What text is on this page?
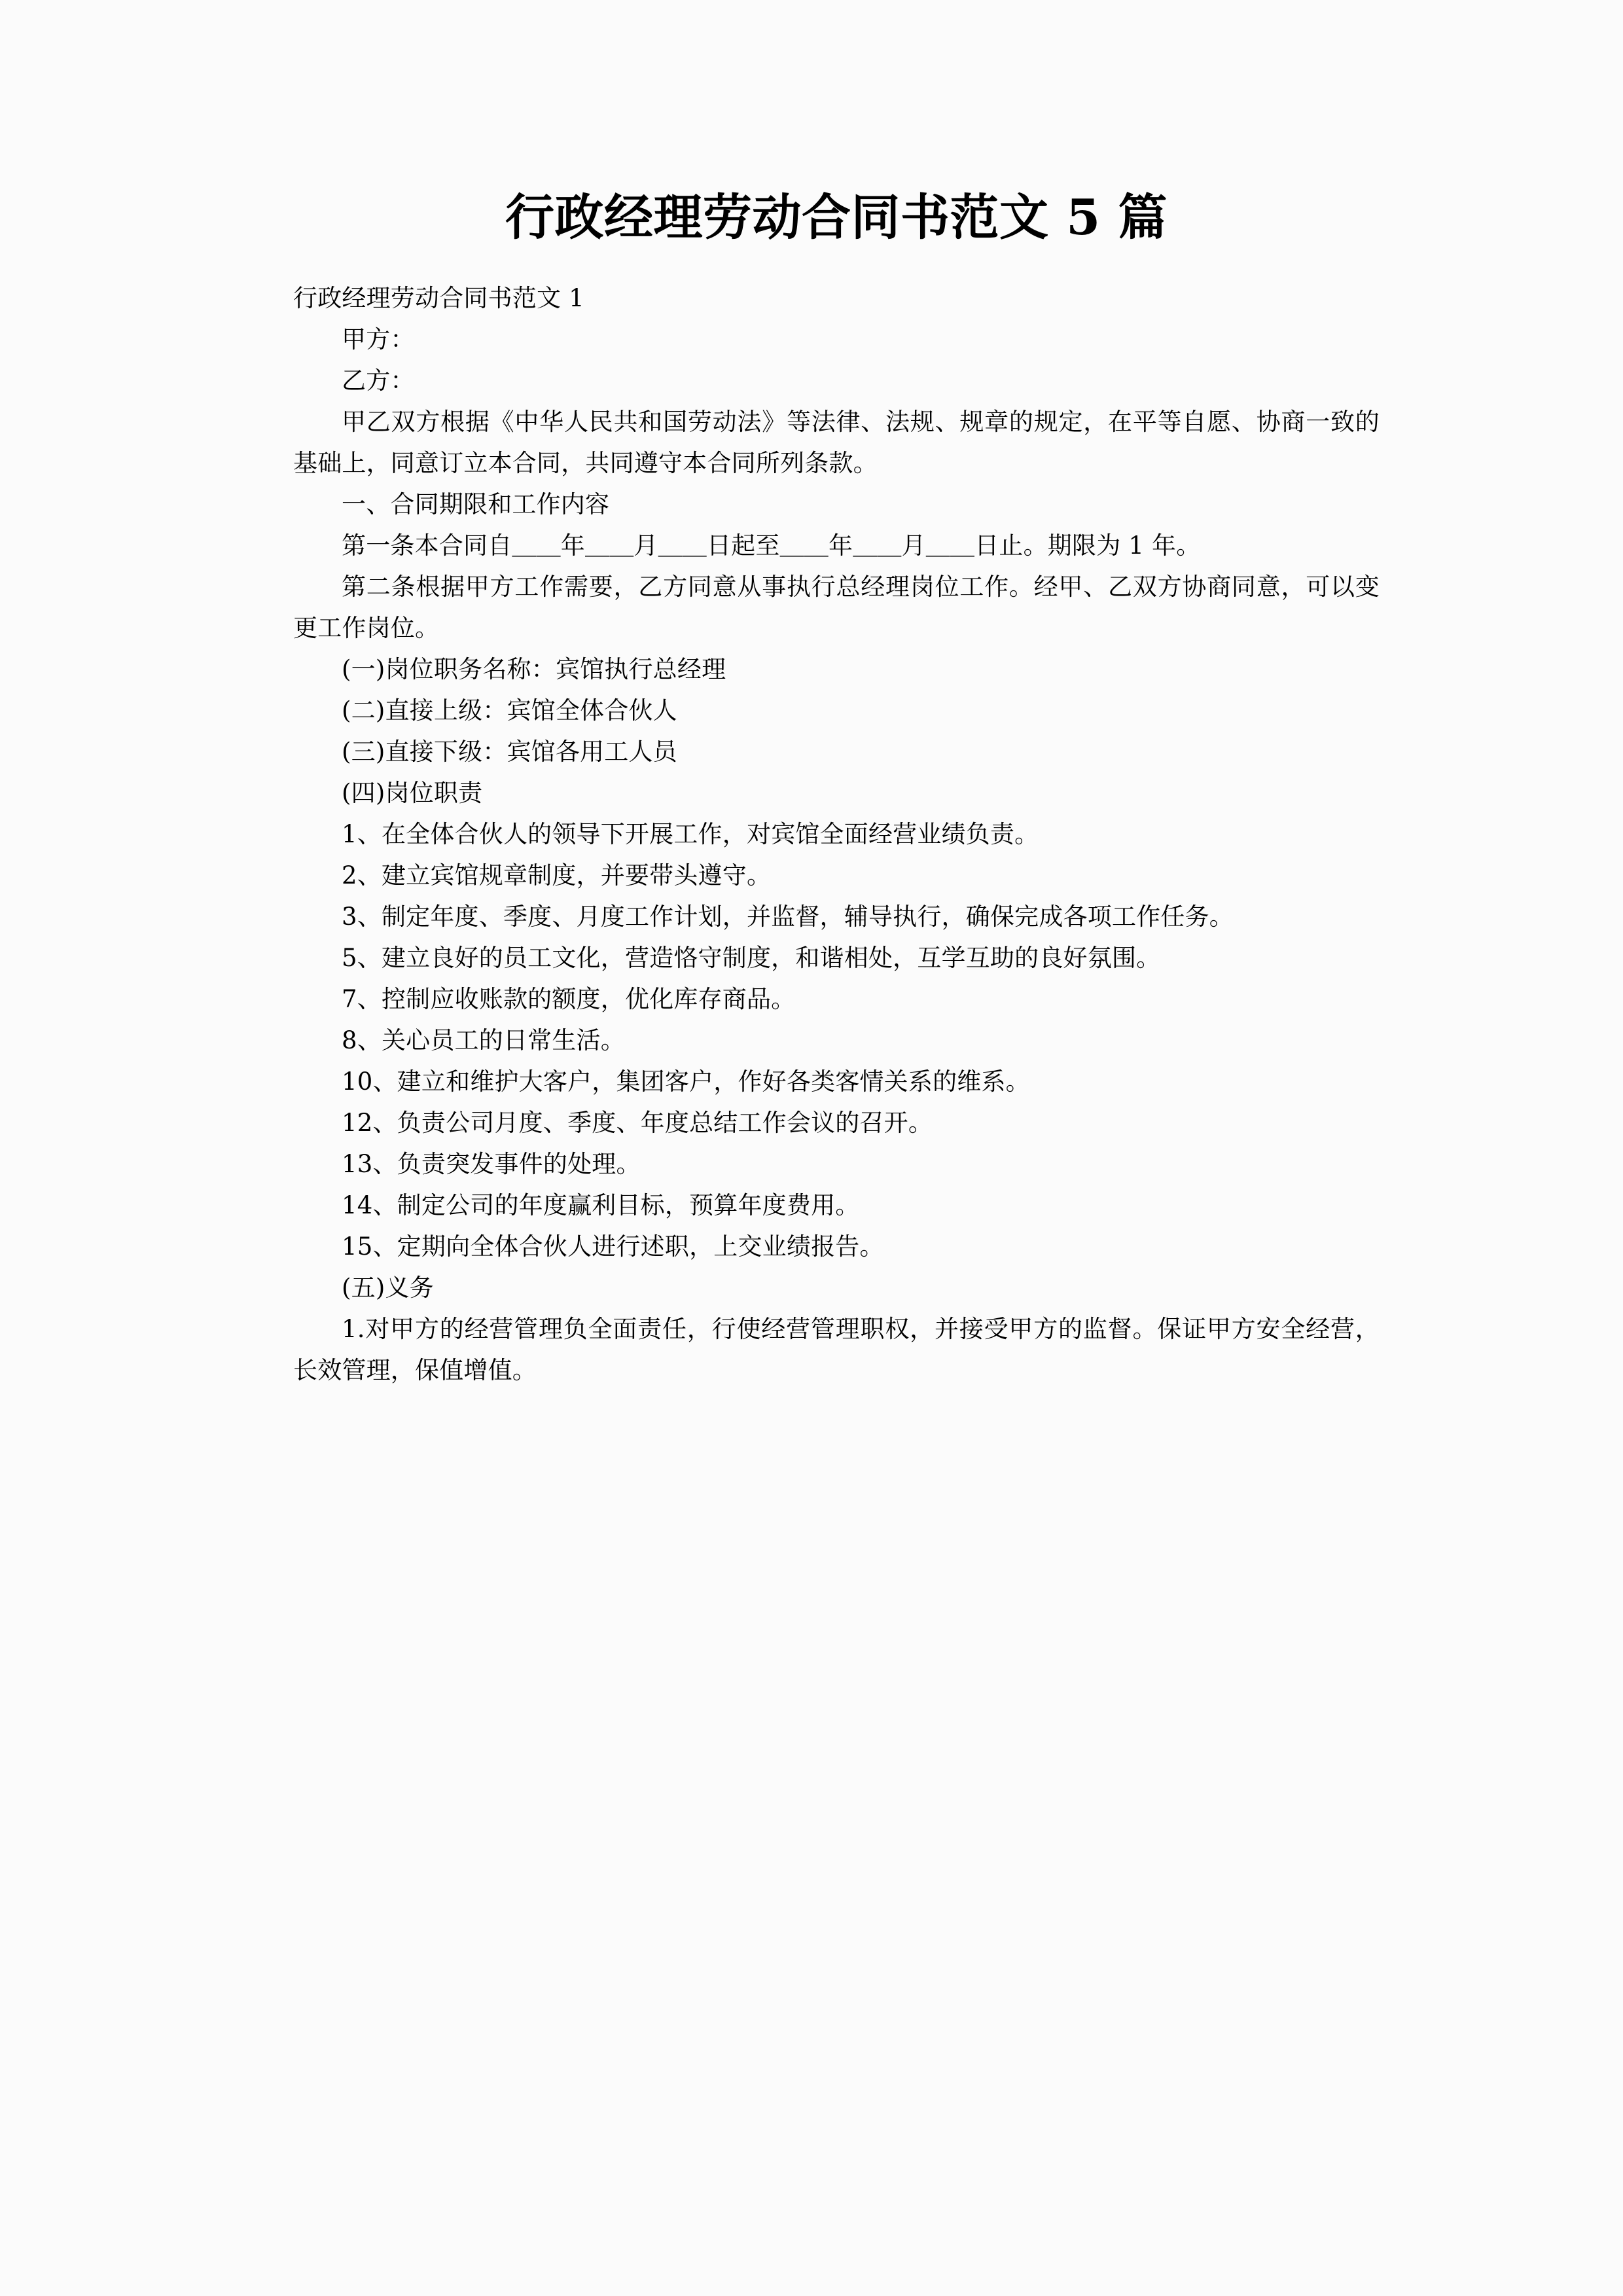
行政经理劳动合同书范文 5 篇

行政经理劳动合同书范文 1

甲方：

乙方：

甲乙双方根据《中华人民共和国劳动法》等法律、法规、规章的规定，在平等自愿、协商一致的基础上，同意订立本合同，共同遵守本合同所列条款。

一、合同期限和工作内容

第一条本合同自＿＿年＿＿月＿＿日起至＿＿年＿＿月＿＿日止。期限为 1 年。

第二条根据甲方工作需要，乙方同意从事执行总经理岗位工作。经甲、乙双方协商同意，可以变更工作岗位。

(一)岗位职务名称：宾馆执行总经理

(二)直接上级：宾馆全体合伙人

(三)直接下级：宾馆各用工人员

(四)岗位职责

1、在全体合伙人的领导下开展工作，对宾馆全面经营业绩负责。

2、建立宾馆规章制度，并要带头遵守。

3、制定年度、季度、月度工作计划，并监督，辅导执行，确保完成各项工作任务。

5、建立良好的员工文化，营造恪守制度，和谐相处，互学互助的良好氛围。

7、控制应收账款的额度，优化库存商品。

8、关心员工的日常生活。

10、建立和维护大客户，集团客户，作好各类客情关系的维系。

12、负责公司月度、季度、年度总结工作会议的召开。

13、负责突发事件的处理。

14、制定公司的年度赢利目标，预算年度费用。

15、定期向全体合伙人进行述职，上交业绩报告。

(五)义务

1.对甲方的经营管理负全面责任，行使经营管理职权，并接受甲方的监督。保证甲方安全经营，长效管理，保值增值。
